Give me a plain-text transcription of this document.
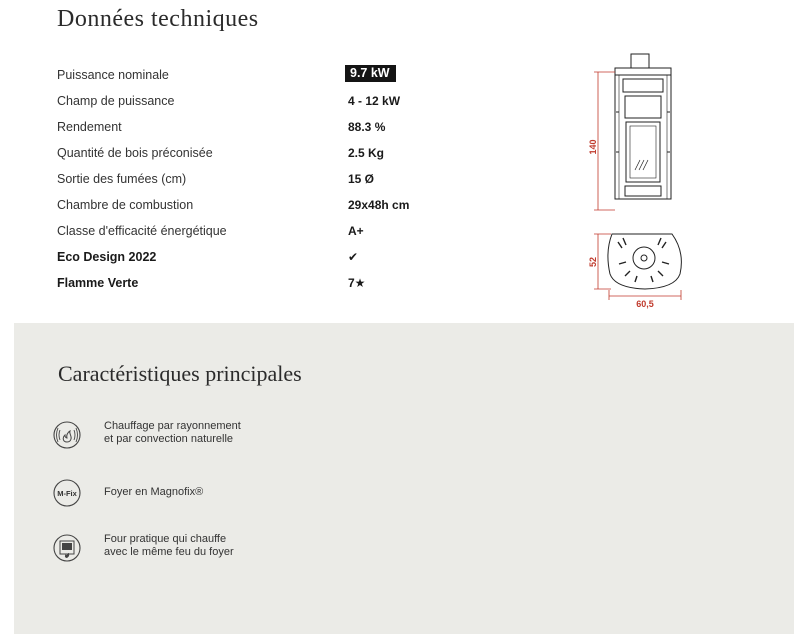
Données techniques
Puissance nominale	9.7 kW
Champ de puissance	4 - 12 kW
Rendement	88.3 %
Quantité de bois préconisée	2.5 Kg
Sortie des fumées (cm)	15 Ø
Chambre de combustion	29x48h cm
Classe d'efficacité énergétique	A+
Eco Design 2022	✔
Flamme Verte	7★
140
52
60,5
Caractéristiques principales
Chauffage par rayonnement
et par convection naturelle
M-Fix Foyer en Magnofix®
Four pratique qui chauffe
avec le même feu du foyer
